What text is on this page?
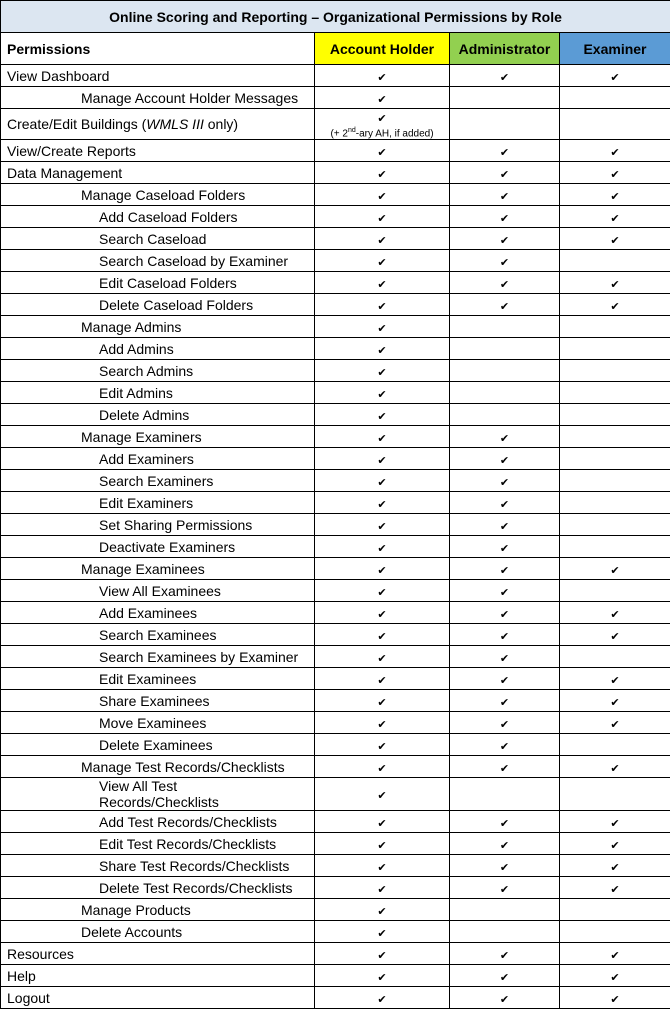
Online Scoring and Reporting – Organizational Permissions by Role			
Permissions	Account Holder	Administrator	Examiner
View Dashboard	✔	✔	✔
Manage Account Holder Messages	✔		
Create/Edit Buildings (WMLS III only)	✔
(+ 2nd-ary AH, if added)		

View/Create Reports	✔	✔	✔
Data Management	✔	✔	✔
Manage Caseload Folders	✔	✔	✔
Add Caseload Folders	✔	✔	✔
Search Caseload	✔	✔	✔
Search Caseload by Examiner	✔	✔	
Edit Caseload Folders	✔	✔	✔
Delete Caseload Folders	✔	✔	✔
Manage Admins	✔		
Add Admins	✔		
Search Admins	✔		
Edit Admins	✔		
Delete Admins	✔		
Manage Examiners	✔	✔	
Add Examiners	✔	✔	
Search Examiners	✔	✔	
Edit Examiners	✔	✔	
Set Sharing Permissions	✔	✔	
Deactivate Examiners	✔	✔	
Manage Examinees	✔	✔	✔
View All Examinees	✔	✔	
Add Examinees	✔	✔	✔
Search Examinees	✔	✔	✔
Search Examinees by Examiner	✔	✔	
Edit Examinees	✔	✔	✔
Share Examinees	✔	✔	✔
Move Examinees	✔	✔	✔
Delete Examinees	✔	✔	
Manage Test Records/Checklists	✔	✔	✔

View All Test
Records/Checklists	✔		
Add Test Records/Checklists	✔	✔	✔
Edit Test Records/Checklists	✔	✔	✔
Share Test Records/Checklists	✔	✔	✔
Delete Test Records/Checklists	✔	✔	✔
Manage Products	✔		
Delete Accounts	✔		
Resources	✔	✔	✔
Help	✔	✔	✔
Logout	✔	✔	✔
